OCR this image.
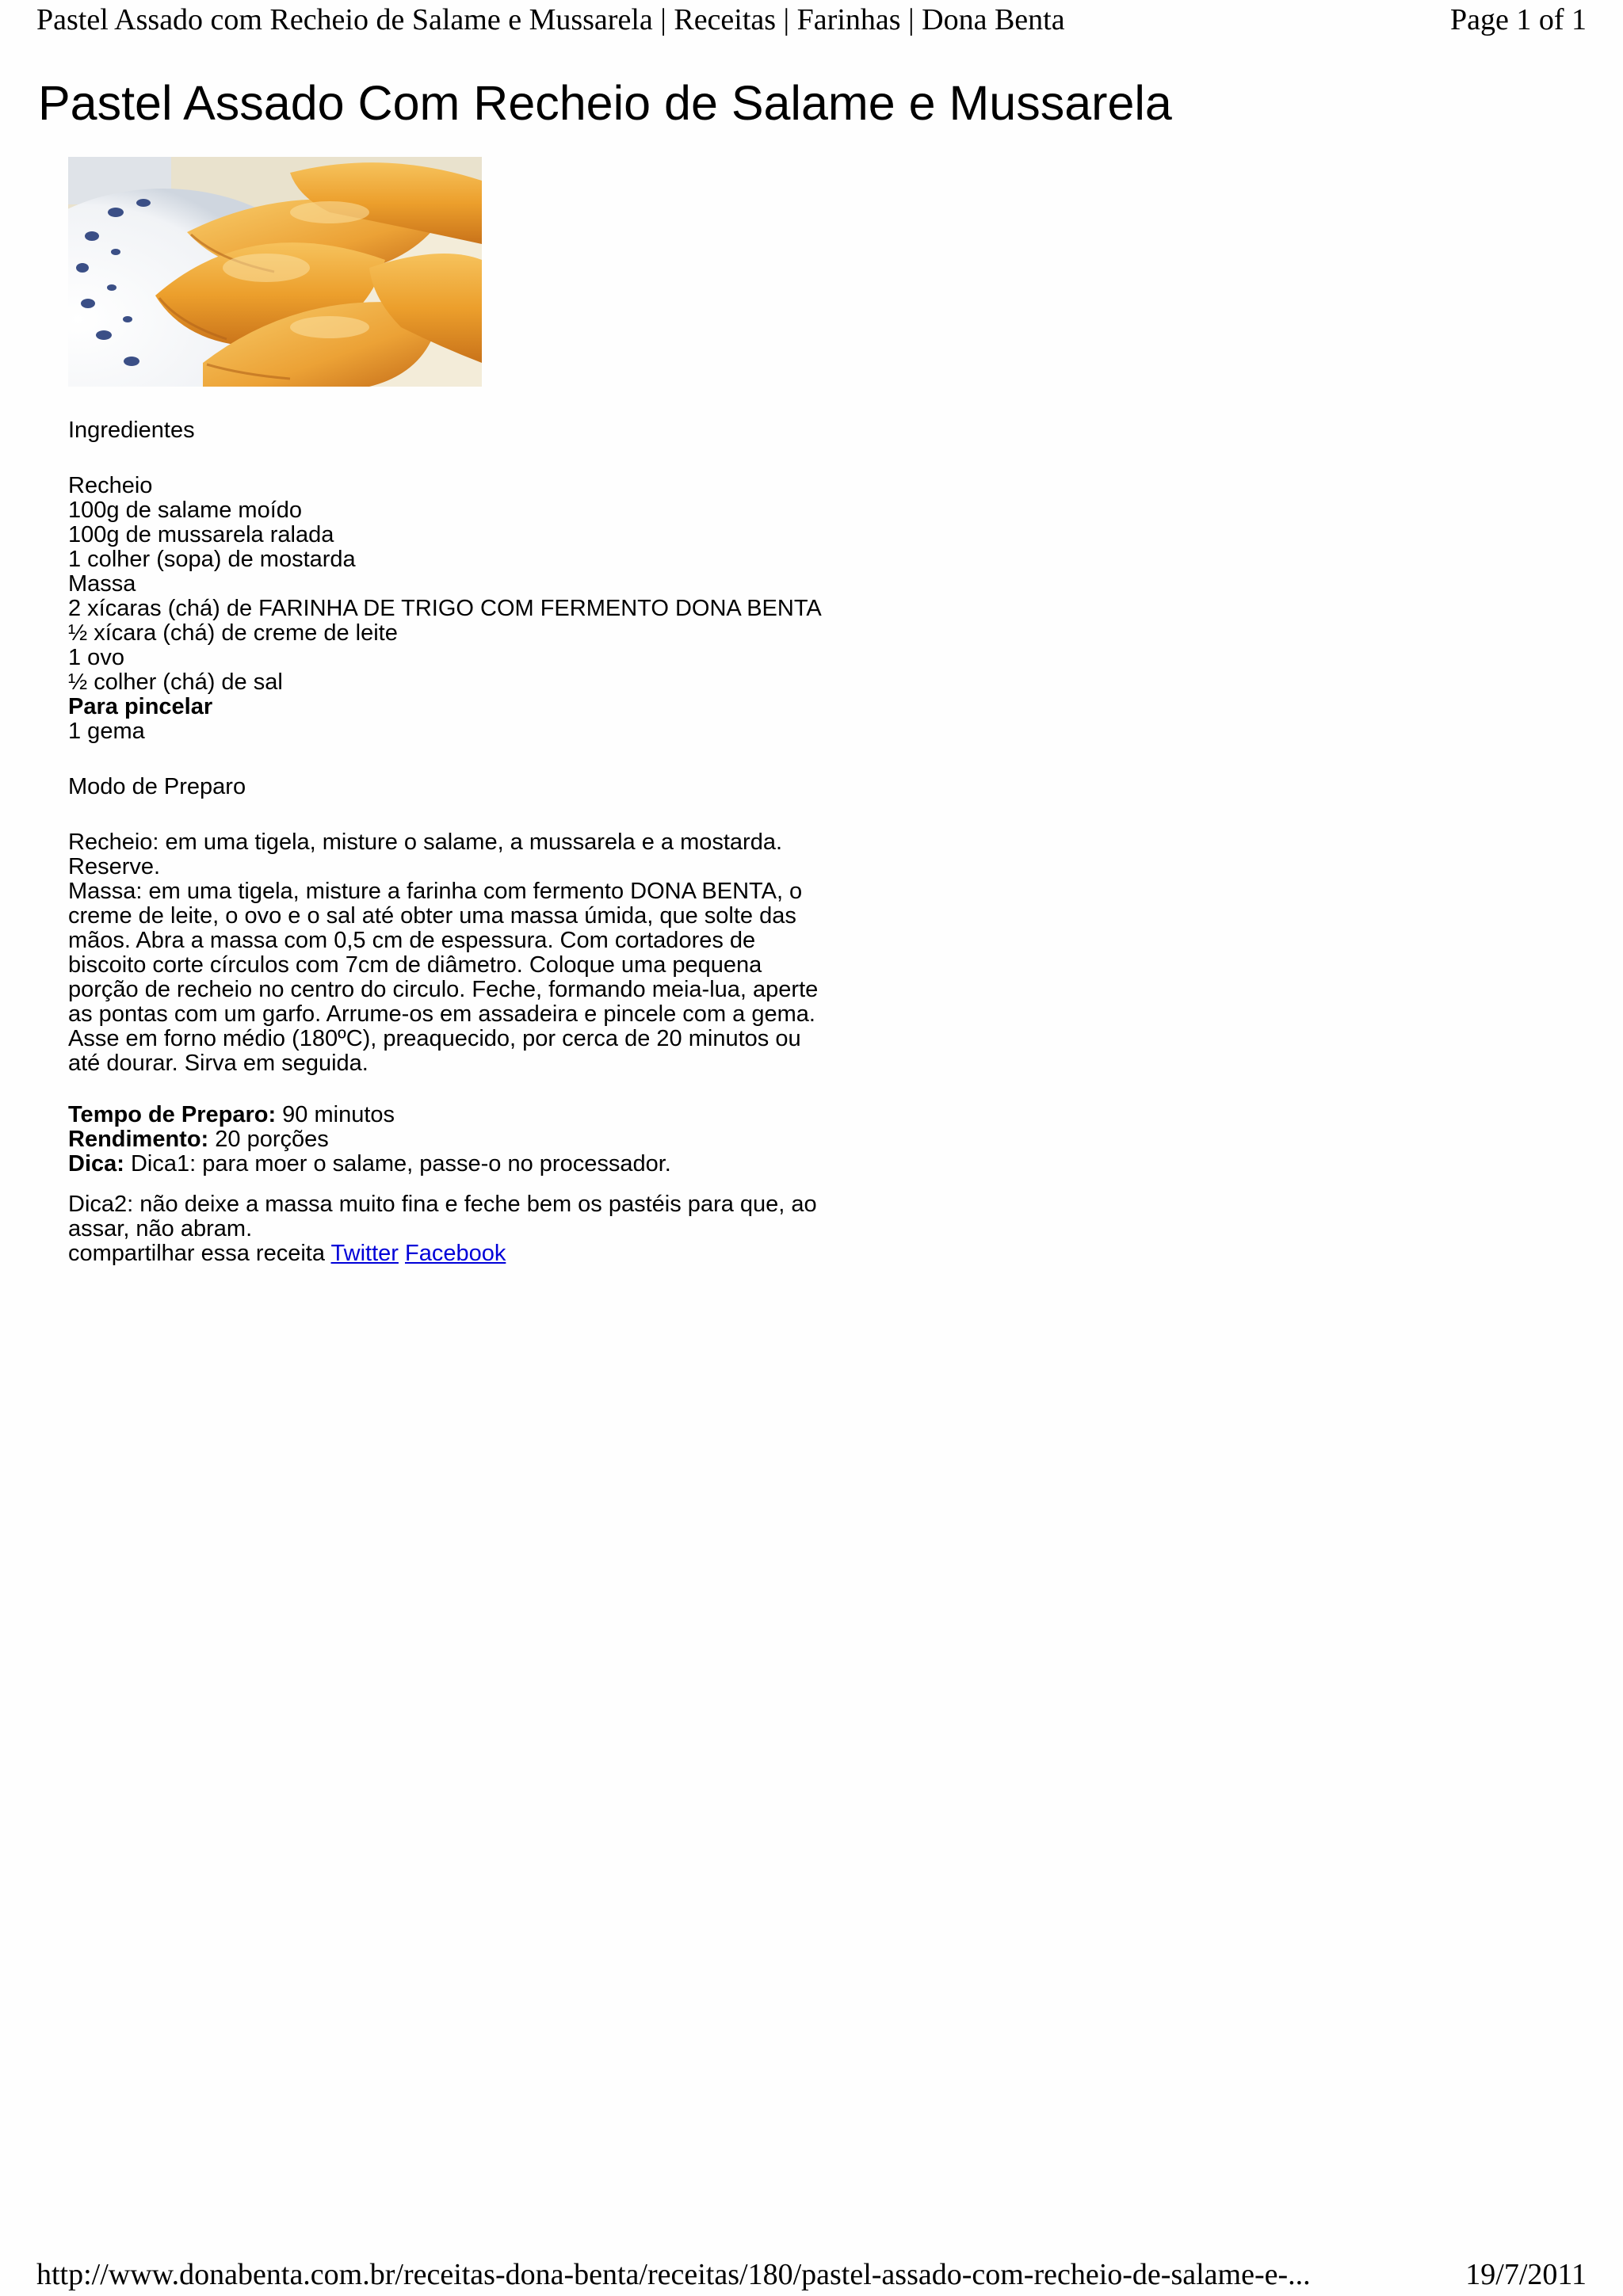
Pastel Assado com Recheio de Salame e Mussarela | Receitas | Farinhas | Dona Benta	Page 1 of 1
Pastel Assado Com Recheio de Salame e Mussarela
Ingredientes
Recheio
100g de salame moído
100g de mussarela ralada
1 colher (sopa) de mostarda
Massa
2 xícaras (chá) de FARINHA DE TRIGO COM FERMENTO DONA BENTA
½ xícara (chá) de creme de leite
1 ovo
½ colher (chá) de sal
Para pincelar
1 gema
Modo de Preparo
Recheio: em uma tigela, misture o salame, a mussarela e a mostarda.
Reserve.
Massa: em uma tigela, misture a farinha com fermento DONA BENTA, o
creme de leite, o ovo e o sal até obter uma massa úmida, que solte das
mãos. Abra a massa com 0,5 cm de espessura. Com cortadores de
biscoito corte círculos com 7cm de diâmetro. Coloque uma pequena
porção de recheio no centro do circulo. Feche, formando meia-lua, aperte
as pontas com um garfo. Arrume-os em assadeira e pincele com a gema.
Asse em forno médio (180ºC), preaquecido, por cerca de 20 minutos ou
até dourar. Sirva em seguida.
Tempo de Preparo: 90 minutos
Rendimento: 20 porções
Dica: Dica1: para moer o salame, passe-o no processador.
Dica2: não deixe a massa muito fina e feche bem os pastéis para que, ao
assar, não abram.
compartilhar essa receita Twitter Facebook
http://www.donabenta.com.br/receitas-dona-benta/receitas/180/pastel-assado-com-recheio-de-salame-e-...	19/7/2011
